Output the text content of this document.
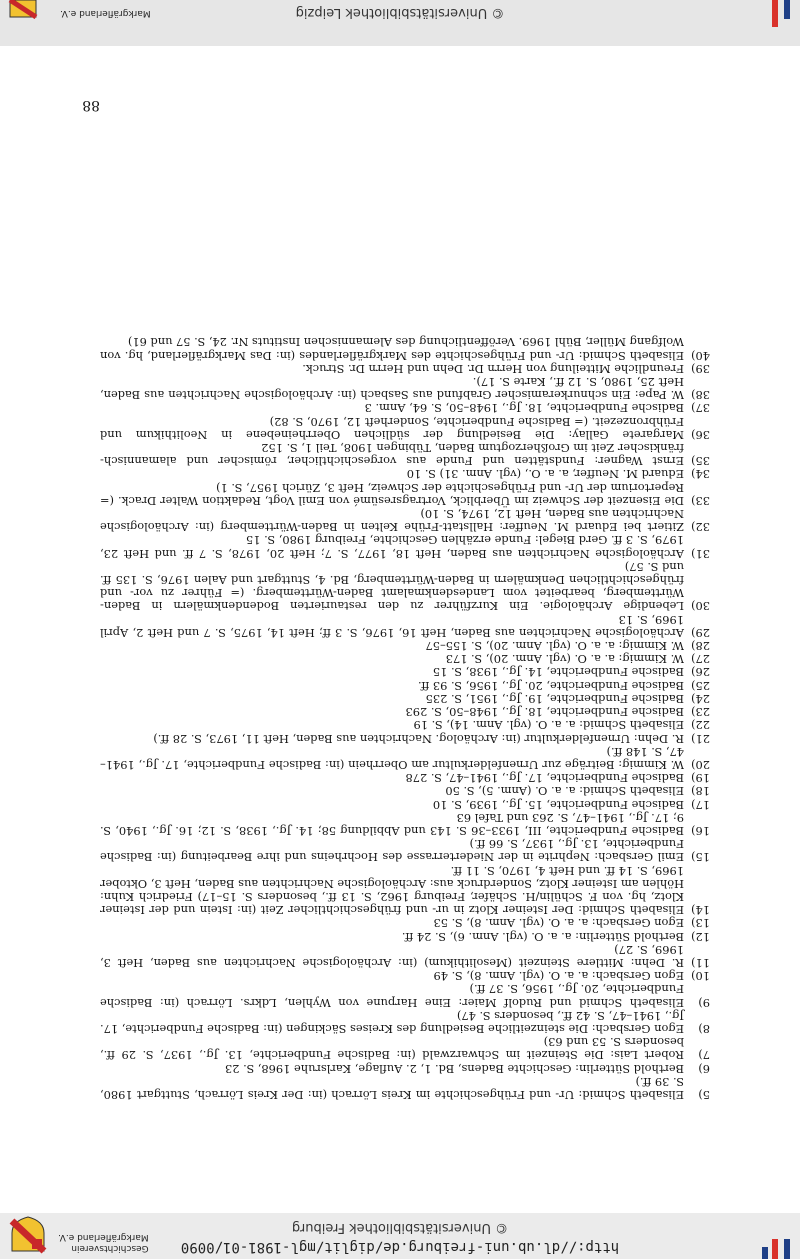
http://dl.ub.uni-freiburg.de/diglit/mgl-1981-01/0090
© Universitätsbibliothek Freiburg
Geschichtsverein
Markgräflerland e.V.

5)
Elisabeth Schmid: Ur- und Frühgeschichte im Kreis Lörrach (in: Der Kreis Lörrach, Stuttgart 1980, S. 39 ff.)

6)
Berthold Sütterlin: Geschichte Badens, Bd. 1, 2. Auflage, Karlsruhe 1968, S. 23

7)
Robert Lais: Die Steinzeit im Schwarzwald (in: Badische Fundberichte, 13. Jg., 1937, S. 29 ff., besonders S. 53 und 63)

8)
Egon Gersbach: Die steinzeitliche Besiedlung des Kreises Säckingen (in: Badische Fundberichte, 17. Jg., 1941–47, S. 42 ff., besonders S. 47)

9)
Elisabeth Schmid und Rudolf Maier: Eine Harpune von Wyhlen, Ldkrs. Lörrach (in: Badische Fundberichte, 20. Jg., 1956, S. 37 ff.)

10)
Egon Gersbach: a. a. O. (vgl. Anm. 8), S. 49

11)
R. Dehn: Mittlere Steinzeit (Mesolithikum) (in: Archäologische Nachrichten aus Baden, Heft 3, 1969, S. 27)

12)
Berthold Sütterlin: a. a. O. (vgl. Anm. 6), S. 24 ff.

13)
Egon Gersbach: a. a. O. (vgl. Anm. 8), S. 53

14)
Elisabeth Schmid: Der Isteiner Klotz in ur- und frühgeschichtlicher Zeit (in: Istein und der Isteiner Klotz, hg. von F. Schülin/H. Schäfer, Freiburg 1962, S. 13 ff., besonders S. 15–17) Friedrich Kuhn: Höhlen am Isteiner Klotz, Sonderdruck aus: Archäologische Nachrichten aus Baden, Heft 3, Oktober 1969, S. 14 ff. und Heft 4, 1970, S. 11 ff.

15)
Emil Gersbach: Nephrite in der Niederterrasse des Hochrheins und ihre Bearbeitung (in: Badische Fundberichte, 13. Jg., 1937, S. 66 ff.)

16)
Badische Fundberichte, III, 1933–36 S. 143 und Abbildung 58; 14. Jg., 1938, S. 12; 16. Jg., 1940, S. 9; 17. Jg., 1941–47, S. 263 und Tafel 63

17)
Badische Fundberichte, 15. Jg., 1939, S. 10

18)
Elisabeth Schmid: a. a. O. (Anm. 5), S. 50

19)
Badische Fundberichte, 17. Jg., 1941–47, S. 278

20)
W. Kimmig: Beiträge zur Urnenfelderkultur am Oberrhein (in: Badische Fundberichte, 17. Jg., 1941–47, S. 148 ff.)

21)
R. Dehn: Urnenfelderkultur (in: Archäolog. Nachrichten aus Baden, Heft 11, 1973, S. 28 ff.)

22)
Elisabeth Schmid: a. a. O. (vgl. Anm. 14), S. 19

23)
Badische Fundberichte, 18. Jg., 1948–50, S. 293

24)
Badische Fundberichte, 19. Jg., 1951, S. 235

25)
Badische Fundberichte, 20. Jg., 1956, S. 93 ff.

26)
Badische Fundberichte, 14. Jg., 1938, S. 15

27)
W. Kimmig: a. a. O. (vgl. Anm. 20), S. 173

28)
W. Kimmig: a. a. O. (vgl. Anm. 20), S. 155–57

29)
Archäologische Nachrichten aus Baden, Heft 16, 1976, S. 3 ff; Heft 14, 1975, S. 7 und Heft 2, April 1969, S. 13

30)
Lebendige Archäologie. Ein Kurzführer zu den restaurierten Bodendenkmälern in Baden-Württemberg, bearbeitet vom Landesdenkmalamt Baden-Württemberg. (= Führer zu vor- und frühgeschichtlichen Denkmälern in Baden-Württemberg, Bd. 4, Stuttgart und Aalen 1976, S. 135 ff. und S. 57)

31)
Archäologische Nachrichten aus Baden, Heft 18, 1977, S. 7; Heft 20, 1978, S. 7 ff. und Heft 23, 1979, S. 3 ff. Gerd Biegel: Funde erzählen Geschichte, Freiburg 1980, S. 15

32)
Zitiert bei Eduard M. Neuffer: Hallstatt-Frühe Kelten in Baden-Württemberg (in: Archäologische Nachrichten aus Baden, Heft 12, 1974, S. 10)

33)
Die Eisenzeit der Schweiz im Überblick, Vortragsresümé von Emil Vogt, Redaktion Walter Drack. (= Repertorium der Ur- und Frühgeschichte der Schweiz, Heft 3, Zürich 1957, S. 1)

34)
Eduard M. Neuffer, a. a. O., (vgl. Anm. 31) S. 10

35)
Ernst Wagner: Fundstätten und Funde aus vorgeschichtlicher, römischer und alamannisch-fränkischer Zeit im Großherzogtum Baden, Tübingen 1908, Teil 1, S. 152

36)
Margarete Gallay: Die Besiedlung der südlichen Oberrheinebene in Neolithikum und Frühbronzezeit. (= Badische Fundberichte, Sonderheft 12, 1970, S. 82)

37)
Badische Fundberichte, 18. Jg., 1948–50, S. 64, Anm. 3

38)
W. Pape: Ein schnurkeramischer Grabfund aus Sasbach (in: Archäologische Nachrichten aus Baden, Heft 25, 1980, S. 12 ff., Karte S. 17).

39)
Freundliche Mitteilung von Herrn Dr. Dehn und Herrn Dr. Struck.

40)
Elisabeth Schmid: Ur- und Frühgeschichte des Markgräflerlandes (in: Das Markgräflerland, hg. von Wolfgang Müller, Bühl 1969. Veröffentlichung des Alemannischen Instituts Nr. 24, S. 57 und 61)

88
© Universitätsbibliothek Leipzig
Markgräflerland e.V.
